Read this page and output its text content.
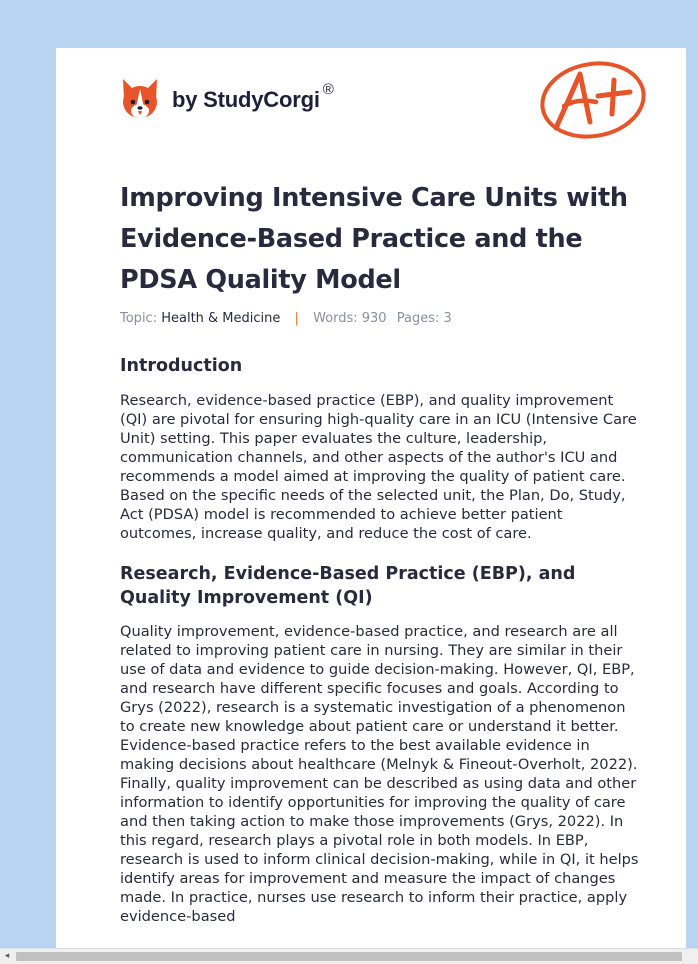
by StudyCorgi ®
Improving Intensive Care Units with Evidence-Based Practice and the PDSA Quality Model
Topic: Health & Medicine | Words: 930 Pages: 3
Introduction

Research, evidence-based practice (EBP), and quality improvement (QI) are pivotal for ensuring high-quality care in an ICU (Intensive Care Unit) setting. This paper evaluates the culture, leadership, communication channels, and other aspects of the author's ICU and recommends a model aimed at improving the quality of patient care. Based on the specific needs of the selected unit, the Plan, Do, Study, Act (PDSA) model is recommended to achieve better patient outcomes, increase quality, and reduce the cost of care.

Research, Evidence-Based Practice (EBP), and Quality Improvement (QI)

Quality improvement, evidence-based practice, and research are all related to improving patient care in nursing. They are similar in their use of data and evidence to guide decision-making. However, QI, EBP, and research have different specific focuses and goals. According to Grys (2022), research is a systematic investigation of a phenomenon to create new knowledge about patient care or understand it better. Evidence-based practice refers to the best available evidence in making decisions about healthcare (Melnyk & Fineout-Overholt, 2022). Finally, quality improvement can be described as using data and other information to identify opportunities for improving the quality of care and then taking action to make those improvements (Grys, 2022). In this regard, research plays a pivotal role in both models. In EBP, research is used to inform clinical decision-making, while in QI, it helps identify areas for improvement and measure the impact of changes made. In practice, nurses use research to inform their practice, apply evidence-based

◂
